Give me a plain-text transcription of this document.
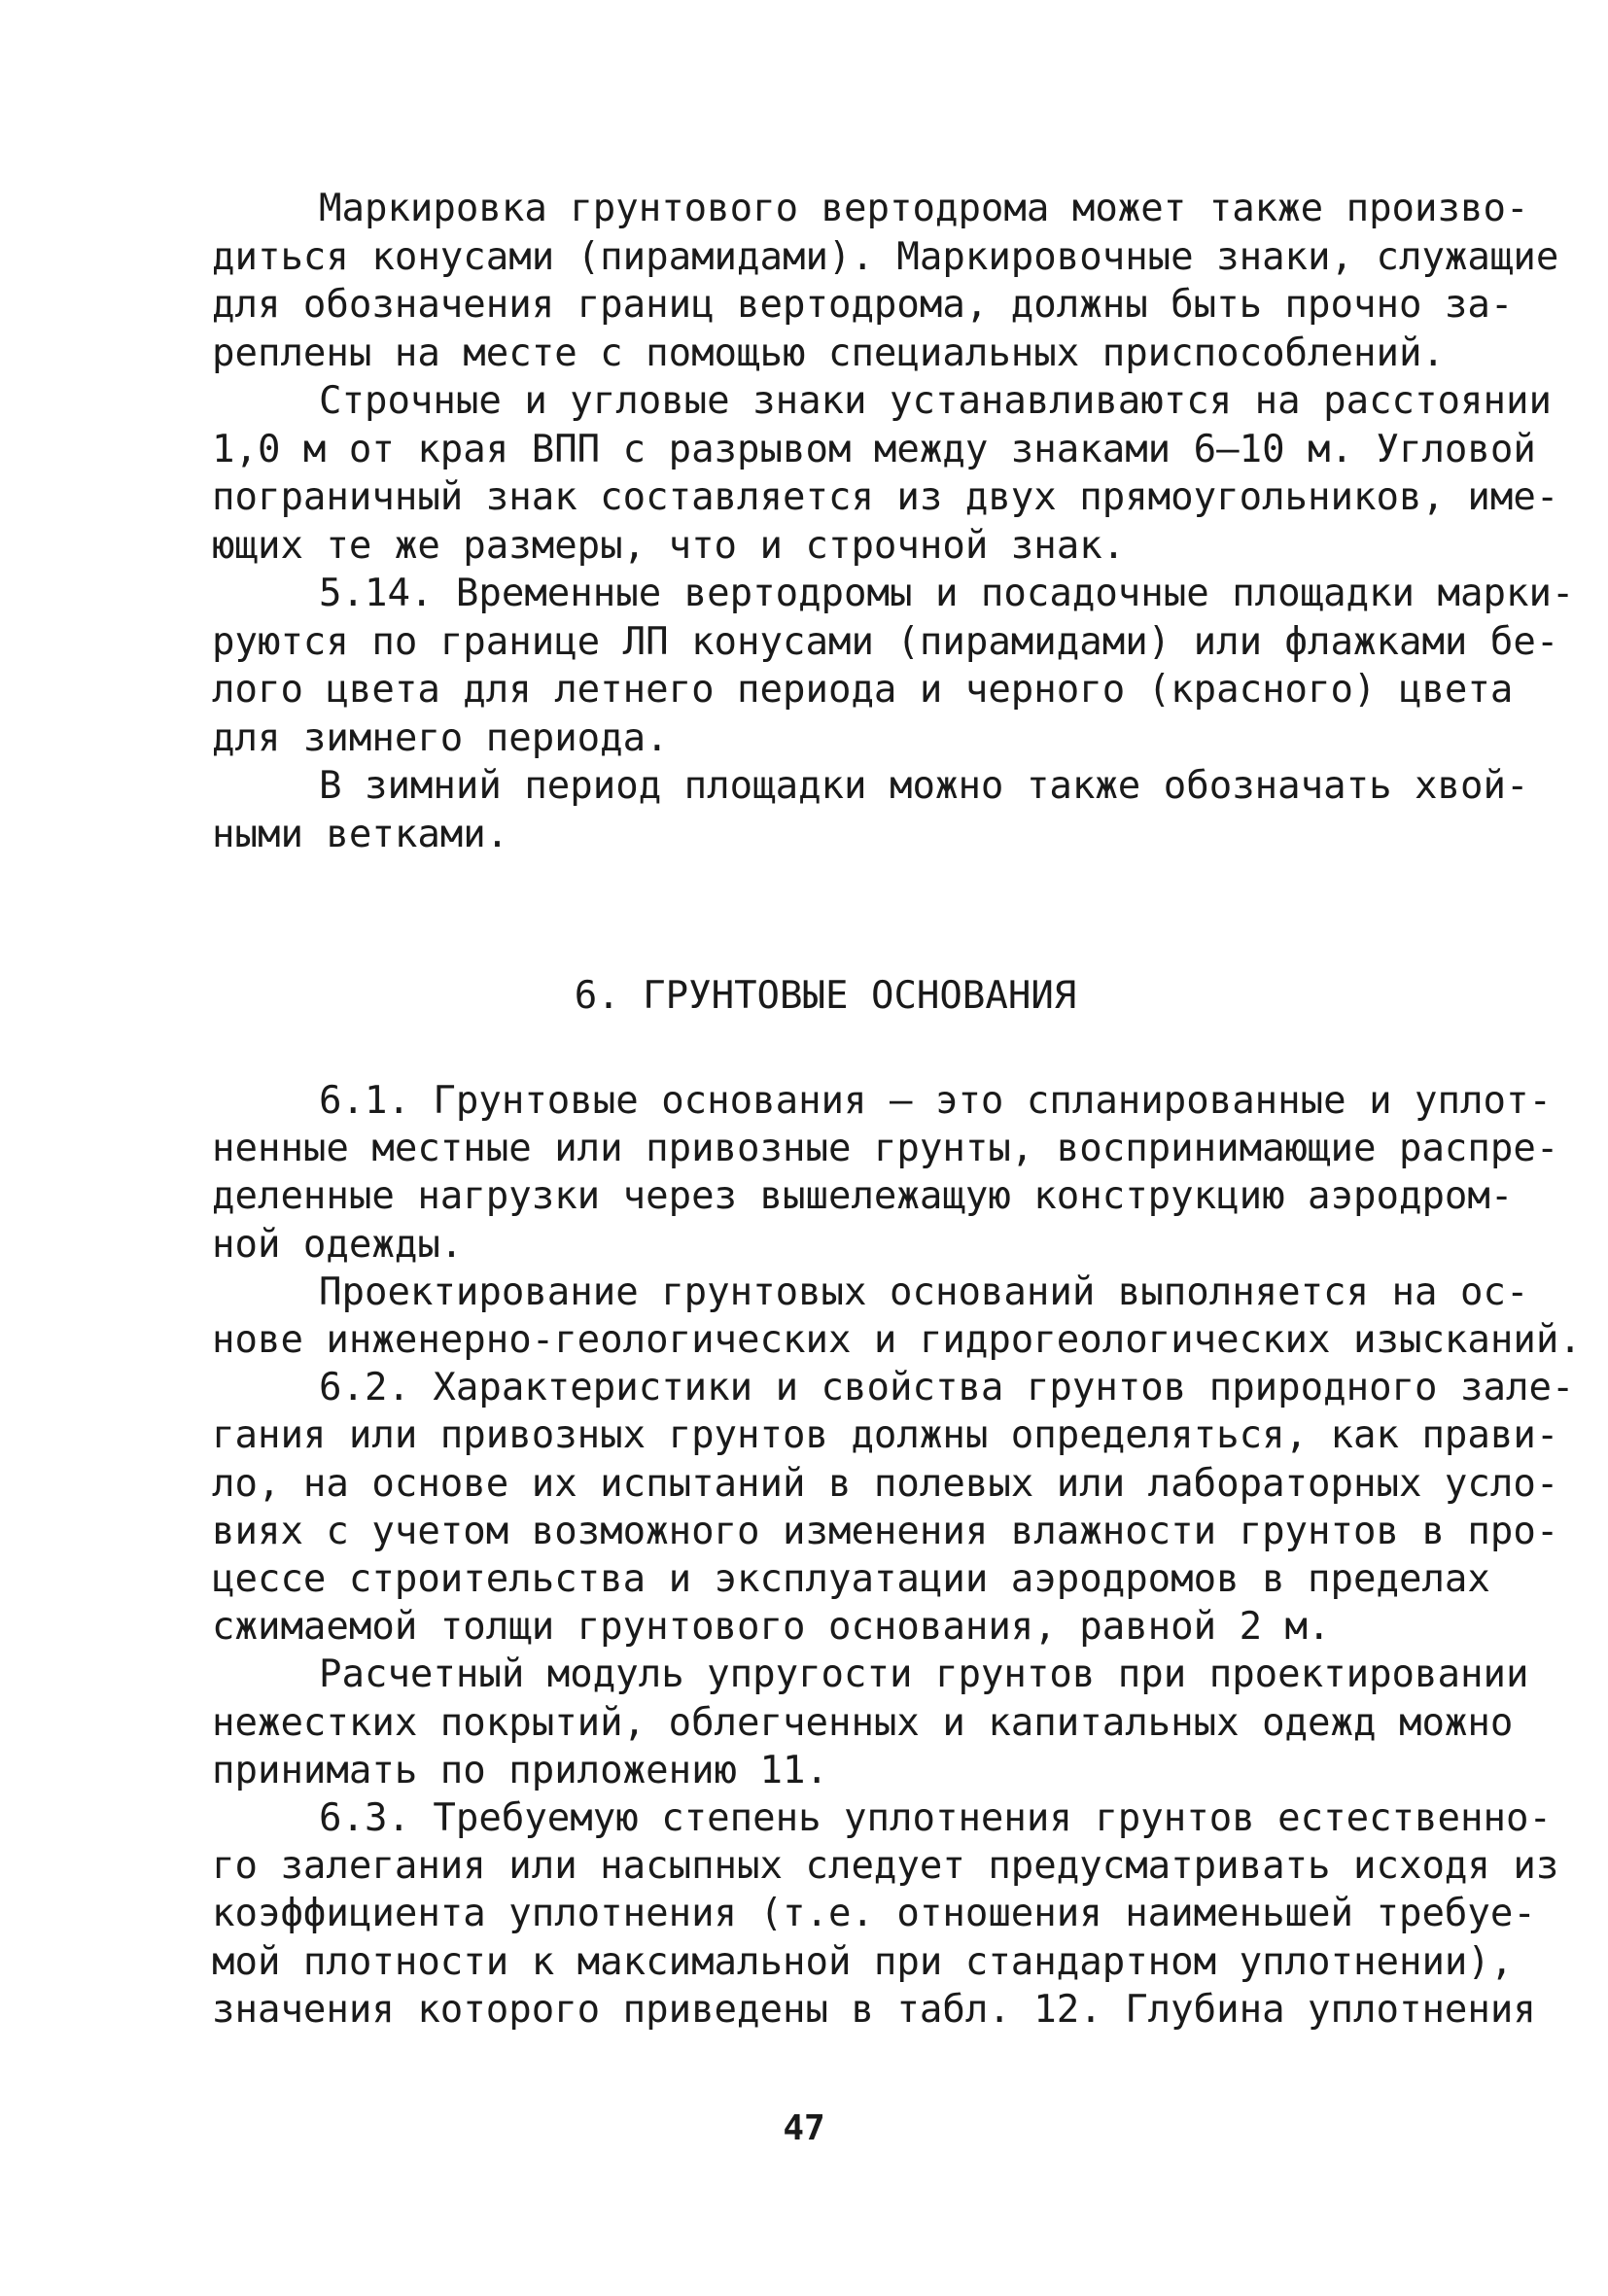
Маркировка грунтового вертодрома может также произво-
диться конусами (пирамидами). Маркировочные знаки, служащие
для обозначения границ вертодрома, должны быть прочно за-
реплены на месте с помощью специальных приспособлений.
Строчные и угловые знаки устанавливаются на расстоянии
1,0 м от края ВПП с разрывом между знаками 6–10 м. Угловой
пограничный знак составляется из двух прямоугольников, име-
ющих те же размеры, что и строчной знак.
5.14. Временные вертодромы и посадочные площадки марки-
руются по границе ЛП конусами (пирамидами) или флажками бе-
лого цвета для летнего периода и черного (красного) цвета
для зимнего периода.
В зимний период площадки можно также обозначать хвой-
ными ветками.
6. ГРУНТОВЫЕ ОСНОВАНИЯ
6.1. Грунтовые основания – это спланированные и уплот-
ненные местные или привозные грунты, воспринимающие распре-
деленные нагрузки через вышележащую конструкцию аэродром-
ной одежды.
Проектирование грунтовых оснований выполняется на ос-
нове инженерно-геологических и гидрогеологических изысканий.
6.2. Характеристики и свойства грунтов природного зале-
гания или привозных грунтов должны определяться, как прави-
ло, на основе их испытаний в полевых или лабораторных усло-
виях с учетом возможного изменения влажности грунтов в про-
цессе строительства и эксплуатации аэродромов в пределах
сжимаемой толщи грунтового основания, равной 2 м.
Расчетный модуль упругости грунтов при проектировании
нежестких покрытий, облегченных и капитальных одежд можно
принимать по приложению 11.
6.3. Требуемую степень уплотнения грунтов естественно-
го залегания или насыпных следует предусматривать исходя из
коэффициента уплотнения (т.е. отношения наименьшей требуе-
мой плотности к максимальной при стандартном уплотнении),
значения которого приведены в табл. 12. Глубина уплотнения
47
